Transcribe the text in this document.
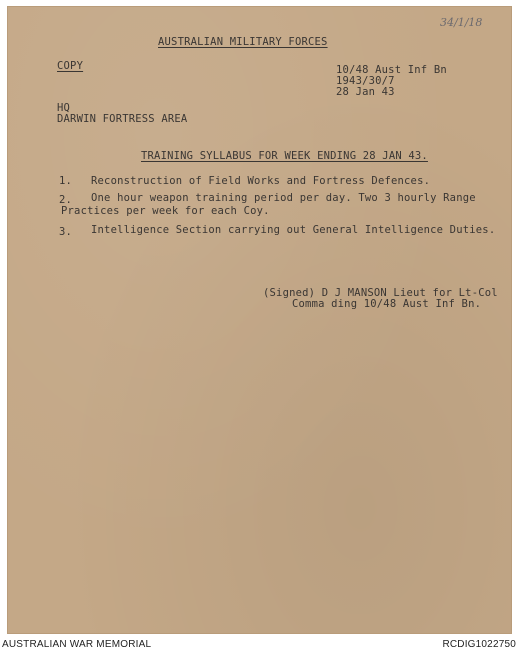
34/1/18
AUSTRALIAN MILITARY FORCES
COPY	10/48 Aust Inf Bn
1943/30/7
28 Jan 43
HQ
DARWIN FORTRESS AREA
TRAINING SYLLABUS FOR WEEK ENDING 28 JAN 43.
1. Reconstruction of Field Works and Fortress Defences.
2. One hour weapon training period per day. Two 3 hourly Range
Practices per week for each Coy.
3. Intelligence Section carrying out General Intelligence Duties.
(Signed) D J MANSON Lieut for Lt-Col
Comma ding 10/48 Aust Inf Bn.
AUSTRALIAN WAR MEMORIAL	RCDIG1022750
